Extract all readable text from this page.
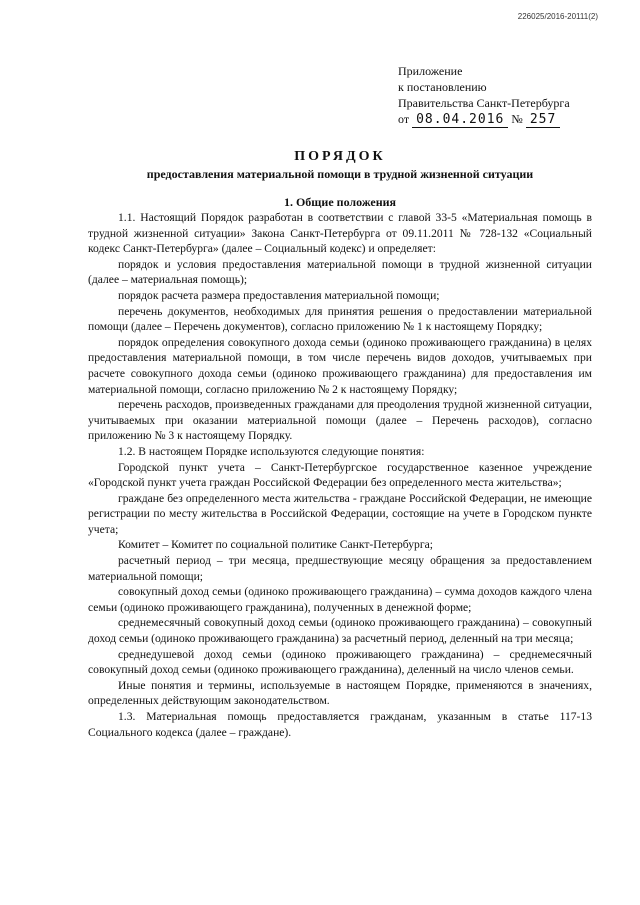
226025/2016-20111(2)
Приложение
к постановлению
Правительства Санкт-Петербурга
от 08.04.2016 № 257
ПОРЯДОК
предоставления материальной помощи в трудной жизненной ситуации
1. Общие положения

1.1. Настоящий Порядок разработан в соответствии с главой 33-5 «Материальная помощь в трудной жизненной ситуации» Закона Санкт-Петербурга от 09.11.2011 № 728-132 «Социальный кодекс Санкт-Петербурга» (далее – Социальный кодекс) и определяет:

порядок и условия предоставления материальной помощи в трудной жизненной ситуации (далее – материальная помощь);

порядок расчета размера предоставления материальной помощи;

перечень документов, необходимых для принятия решения о предоставлении материальной помощи (далее – Перечень документов), согласно приложению № 1 к настоящему Порядку;

порядок определения совокупного дохода семьи (одиноко проживающего гражданина) в целях предоставления материальной помощи, в том числе перечень видов доходов, учитываемых при расчете совокупного дохода семьи (одиноко проживающего гражданина) для предоставления им материальной помощи, согласно приложению № 2 к настоящему Порядку;

перечень расходов, произведенных гражданами для преодоления трудной жизненной ситуации, учитываемых при оказании материальной помощи (далее – Перечень расходов), согласно приложению № 3 к настоящему Порядку.

1.2. В настоящем Порядке используются следующие понятия:

Городской пункт учета – Санкт-Петербургское государственное казенное учреждение «Городской пункт учета граждан Российской Федерации без определенного места жительства»;

граждане без определенного места жительства - граждане Российской Федерации, не имеющие регистрации по месту жительства в Российской Федерации, состоящие на учете в Городском пункте учета;

Комитет – Комитет по социальной политике Санкт-Петербурга;

расчетный период – три месяца, предшествующие месяцу обращения за предоставлением материальной помощи;

совокупный доход семьи (одиноко проживающего гражданина) – сумма доходов каждого члена семьи (одиноко проживающего гражданина), полученных в денежной форме;

среднемесячный совокупный доход семьи (одиноко проживающего гражданина) – совокупный доход семьи (одиноко проживающего гражданина) за расчетный период, деленный на три месяца;

среднедушевой доход семьи (одиноко проживающего гражданина) – среднемесячный совокупный доход семьи (одиноко проживающего гражданина), деленный на число членов семьи.

Иные понятия и термины, используемые в настоящем Порядке, применяются в значениях, определенных действующим законодательством.

1.3. Материальная помощь предоставляется гражданам, указанным в статье 117-13 Социального кодекса (далее – граждане).
